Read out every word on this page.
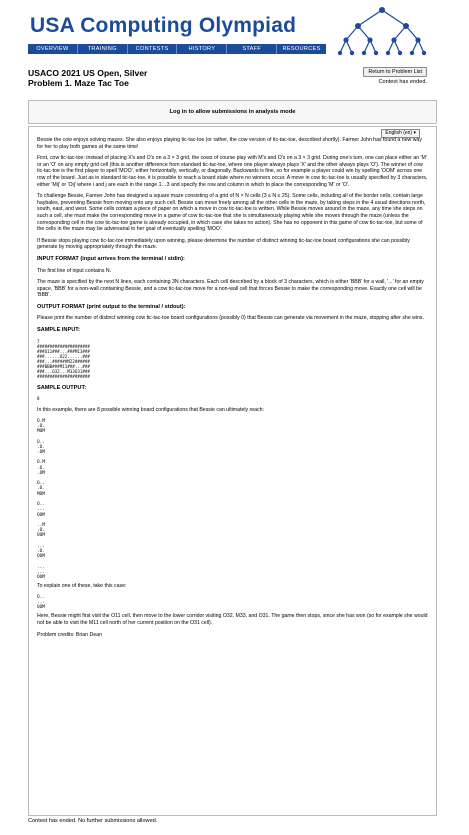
USA Computing Olympiad
OVERVIEW	TRAINING	CONTESTS	HISTORY	STAFF	RESOURCES
USACO 2021 US Open, Silver
Problem 1. Maze Tac Toe
Return to Problem List
Contest has ended.
Log in to allow submissions in analysis mode
English (en) ▾

Bessie the cow enjoys solving mazes. She also enjoys playing tic-tac-toe (or rather, the cow version of tic-tac-toe, described shortly). Farmer John has found a new way for her to play both games at the same time!

First, cow tic-tac-toe: instead of placing X's and O's on a 3 × 3 grid, the cows of course play with M's and O's on a 3 × 3 grid. During one's turn, one can place either an 'M' or an 'O' on any empty grid cell (this is another difference from standard tic-tac-toe, where one player always plays 'X' and the other always plays 'O'). The winner of cow tic-tac-toe is the first player to spell 'MOO', either horizontally, vertically, or diagonally. Backwards is fine, so for example a player could win by spelling 'OOM' across one row of the board. Just as in standard tic-tac-toe, it is possible to reach a board state where no winners occur. A move in cow tic-tac-toe is usually specified by 3 characters, either 'Mij' or 'Oij' where i and j are each in the range 1…3 and specify the row and column in which to place the corresponding 'M' or 'O'.

To challenge Bessie, Farmer John has designed a square maze consisting of a grid of N × N cells (3 ≤ N ≤ 25). Some cells, including all of the border cells, contain large haybales, preventing Bessie from moving onto any such cell. Bessie can move freely among all the other cells in the maze, by taking steps in the 4 usual directions north, south, east, and west. Some cells contain a piece of paper on which a move in cow tic-tac-toe is written. While Bessie moves around in the maze, any time she steps on such a cell, she must make the corresponding move in a game of cow tic-tac-toe that she is simultaneously playing while she moves through the maze (unless the corresponding cell in the cow tic-tac-toe game is already occupied, in which case she takes no action). She has no opponent in this game of cow tic-tac-toe, but some of the cells in the maze may be adversarial to her goal of eventually spelling 'MOO'.

If Bessie stops playing cow tic-tac-toe immediately upon winning, please determine the number of distinct winning tic-tac-toe board configurations she can possibly generate by moving appropriately through the maze.

INPUT FORMAT (input arrives from the terminal / stdin):

The first line of input contains N.

The maze is specified by the next N lines, each containing 3N characters. Each cell described by a block of 3 characters, which is either 'BBB' for a wall, '...' for an empty space, 'BBB' for a non-wall containing Bessie, and a cow tic-tac-toe move for a non-wall cell that forces Bessie to make the corresponding move. Exactly one cell will be 'BBB'.

OUTPUT FORMAT (print output to the terminal / stdout):

Please print the number of distinct winning cow tic-tac-toe board configurations (possibly 0) that Bessie can generate via movement in the maze, stopping after she wins.

SAMPLE INPUT:
7
#####################
###O11###...###M13###
###......O22......###
###...######M22######
###BBB###M11###...###
###...O32...M33O31###
#####################
SAMPLE OUTPUT:
8

In this example, there are 8 possible winning board configurations that Bessie can ultimately reach:

O.M
.O.
MOM

O..
.O.
.OM

O.M
.O.
.OM

O..
.O.
MOM

O..
...
OOM

..M
.O.
OOM

...
.O.
OOM

...
...
OOM

To explain one of these, take this case:

O..
...
OOM

Here, Bessie might first visit the O11 cell, then move to the lower corridor visiting O32, M33, and O31. The game then stops, since she has won (so for example she would not be able to visit the M11 cell north of her current position on the O31 cell).

Problem credits: Brian Dean

Contest has ended. No further submissions allowed.
